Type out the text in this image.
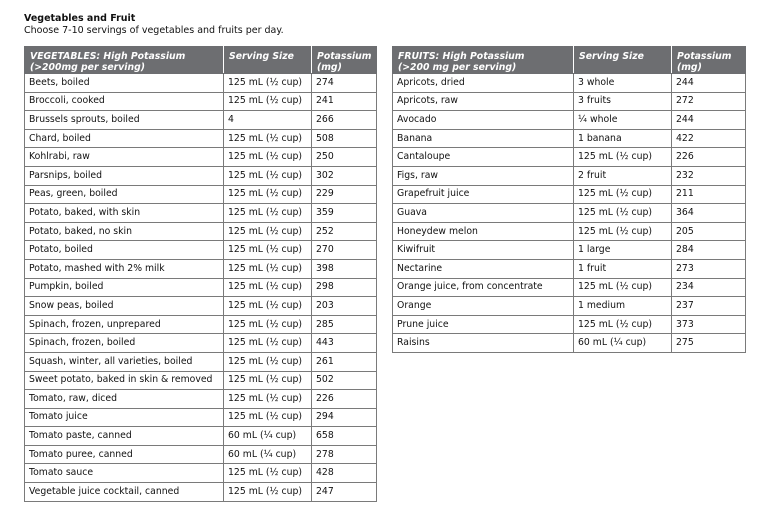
Vegetables and Fruit
Choose 7-10 servings of vegetables and fruits per day.
VEGETABLES: High Potassium
(>200mg per serving)	Serving Size	Potassium
(mg)
Beets, boiled	125 mL (½ cup)	274
Broccoli, cooked	125 mL (½ cup)	241
Brussels sprouts, boiled	4	266
Chard, boiled	125 mL (½ cup)	508
Kohlrabi, raw	125 mL (½ cup)	250
Parsnips, boiled	125 mL (½ cup)	302
Peas, green, boiled	125 mL (½ cup)	229
Potato, baked, with skin	125 mL (½ cup)	359
Potato, baked, no skin	125 mL (½ cup)	252
Potato, boiled	125 mL (½ cup)	270
Potato, mashed with 2% milk	125 mL (½ cup)	398
Pumpkin, boiled	125 mL (½ cup)	298
Snow peas, boiled	125 mL (½ cup)	203
Spinach, frozen, unprepared	125 mL (½ cup)	285
Spinach, frozen, boiled	125 mL (½ cup)	443
Squash, winter, all varieties, boiled	125 mL (½ cup)	261
Sweet potato, baked in skin & removed	125 mL (½ cup)	502
Tomato, raw, diced	125 mL (½ cup)	226
Tomato juice	125 mL (½ cup)	294
Tomato paste, canned	60 mL (¼ cup)	658
Tomato puree, canned	60 mL (¼ cup)	278
Tomato sauce	125 mL (½ cup)	428
Vegetable juice cocktail, canned	125 mL (½ cup)	247
FRUITS: High Potassium
(>200 mg per serving)	Serving Size	Potassium
(mg)
Apricots, dried	3 whole	244
Apricots, raw	3 fruits	272
Avocado	¼ whole	244
Banana	1 banana	422
Cantaloupe	125 mL (½ cup)	226
Figs, raw	2 fruit	232
Grapefruit juice	125 mL (½ cup)	211
Guava	125 mL (½ cup)	364
Honeydew melon	125 mL (½ cup)	205
Kiwifruit	1 large	284
Nectarine	1 fruit	273
Orange juice, from concentrate	125 mL (½ cup)	234
Orange	1 medium	237
Prune juice	125 mL (½ cup)	373
Raisins	60 mL (¼ cup)	275
